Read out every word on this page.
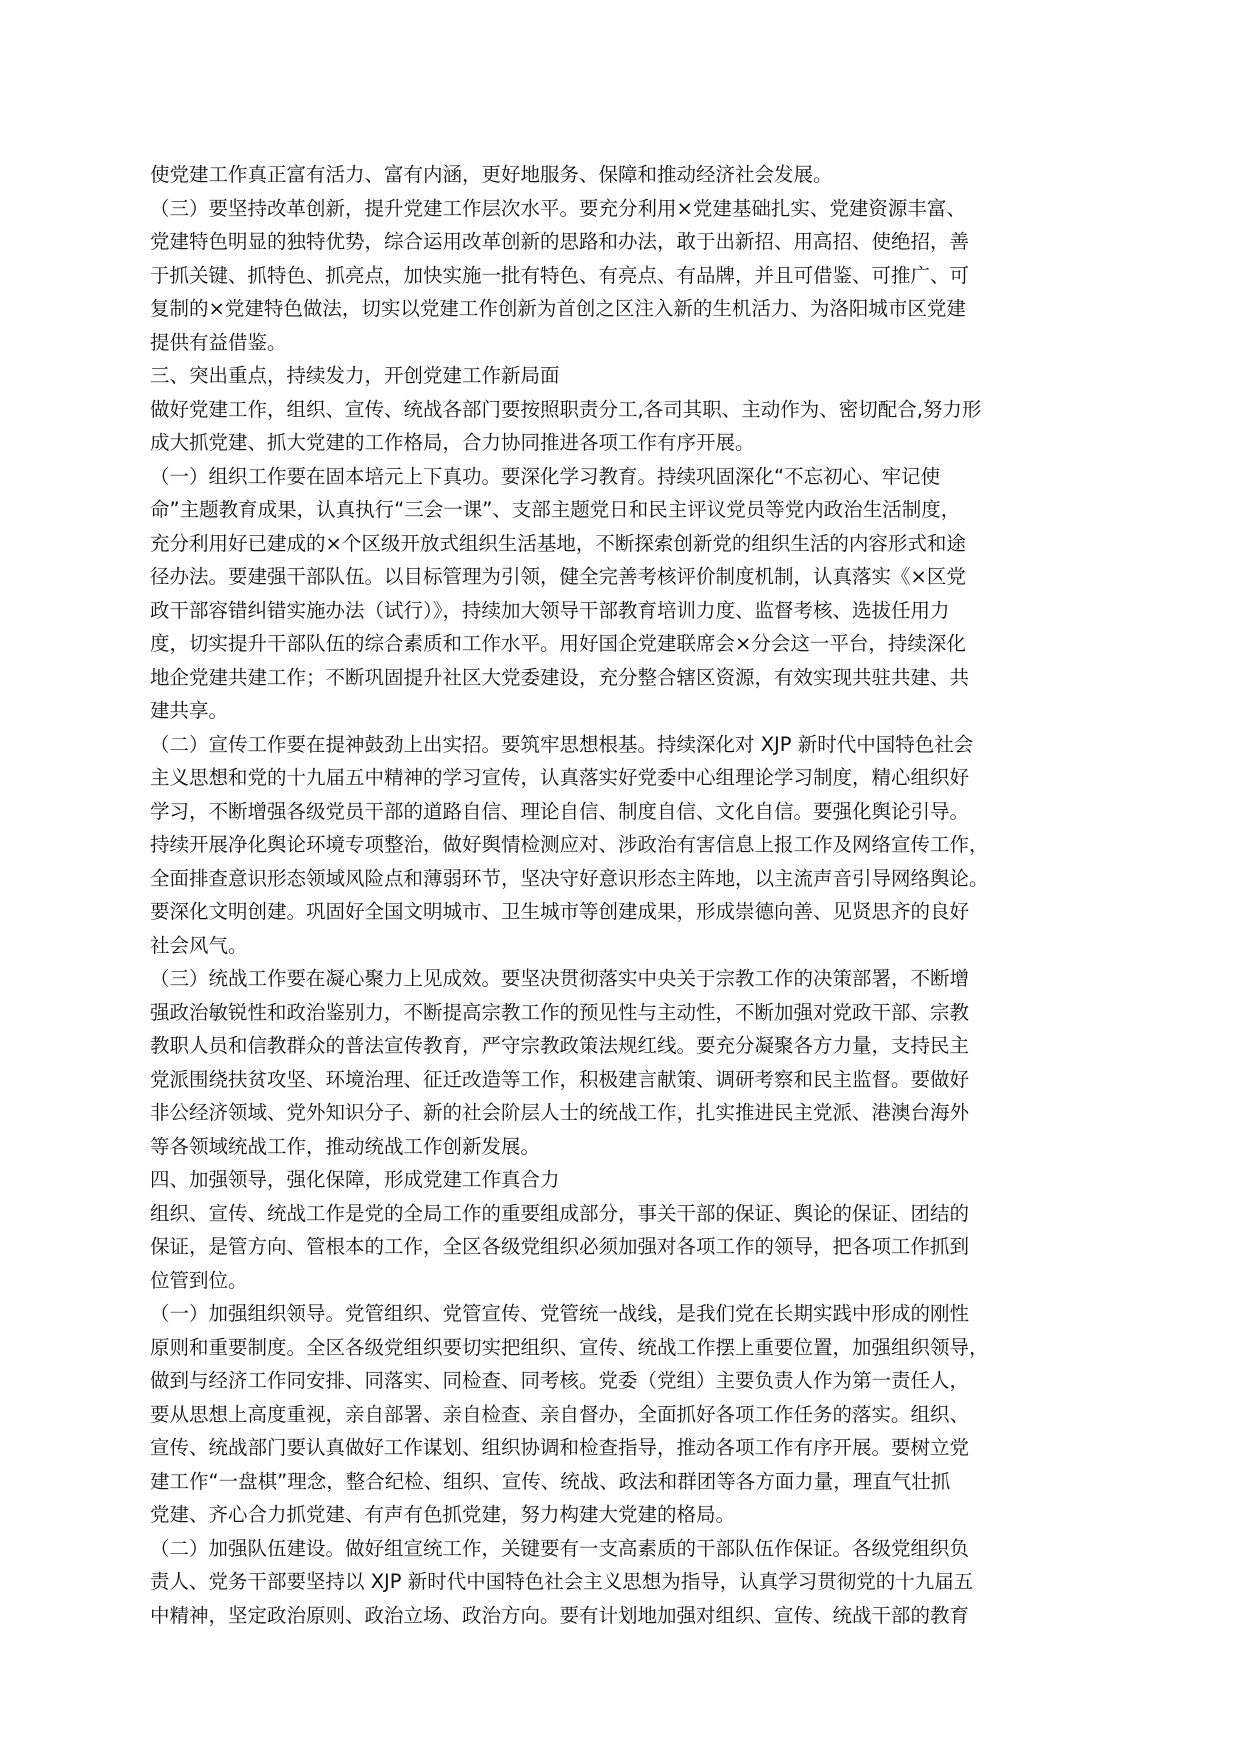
使党建工作真正富有活力、富有内涵，更好地服务、保障和推动经济社会发展。
（三）要坚持改革创新，提升党建工作层次水平。要充分利用×党建基础扎实、党建资源丰富、
党建特色明显的独特优势，综合运用改革创新的思路和办法，敢于出新招、用高招、使绝招，善
于抓关键、抓特色、抓亮点，加快实施一批有特色、有亮点、有品牌，并且可借鉴、可推广、可
复制的×党建特色做法，切实以党建工作创新为首创之区注入新的生机活力、为洛阳城市区党建
提供有益借鉴。
三、突出重点，持续发力，开创党建工作新局面
做好党建工作，组织、宣传、统战各部门要按照职责分工,各司其职、主动作为、密切配合,努力形
成大抓党建、抓大党建的工作格局，合力协同推进各项工作有序开展。
（一）组织工作要在固本培元上下真功。要深化学习教育。持续巩固深化“不忘初心、牢记使
命”主题教育成果，认真执行“三会一课”、支部主题党日和民主评议党员等党内政治生活制度，
充分利用好已建成的×个区级开放式组织生活基地，不断探索创新党的组织生活的内容形式和途
径办法。要建强干部队伍。以目标管理为引领，健全完善考核评价制度机制，认真落实《×区党
政干部容错纠错实施办法（试行）》，持续加大领导干部教育培训力度、监督考核、选拔任用力
度，切实提升干部队伍的综合素质和工作水平。用好国企党建联席会×分会这一平台，持续深化
地企党建共建工作；不断巩固提升社区大党委建设，充分整合辖区资源，有效实现共驻共建、共
建共享。
（二）宣传工作要在提神鼓劲上出实招。要筑牢思想根基。持续深化对 XJP 新时代中国特色社会
主义思想和党的十九届五中精神的学习宣传，认真落实好党委中心组理论学习制度，精心组织好
学习，不断增强各级党员干部的道路自信、理论自信、制度自信、文化自信。要强化舆论引导。
持续开展净化舆论环境专项整治，做好舆情检测应对、涉政治有害信息上报工作及网络宣传工作，
全面排查意识形态领域风险点和薄弱环节，坚决守好意识形态主阵地，以主流声音引导网络舆论。
要深化文明创建。巩固好全国文明城市、卫生城市等创建成果，形成崇德向善、见贤思齐的良好
社会风气。
（三）统战工作要在凝心聚力上见成效。要坚决贯彻落实中央关于宗教工作的决策部署，不断增
强政治敏锐性和政治鉴别力，不断提高宗教工作的预见性与主动性，不断加强对党政干部、宗教
教职人员和信教群众的普法宣传教育，严守宗教政策法规红线。要充分凝聚各方力量，支持民主
党派围绕扶贫攻坚、环境治理、征迁改造等工作，积极建言献策、调研考察和民主监督。要做好
非公经济领域、党外知识分子、新的社会阶层人士的统战工作，扎实推进民主党派、港澳台海外
等各领域统战工作，推动统战工作创新发展。
四、加强领导，强化保障，形成党建工作真合力
组织、宣传、统战工作是党的全局工作的重要组成部分，事关干部的保证、舆论的保证、团结的
保证，是管方向、管根本的工作，全区各级党组织必须加强对各项工作的领导，把各项工作抓到
位管到位。
（一）加强组织领导。党管组织、党管宣传、党管统一战线，是我们党在长期实践中形成的刚性
原则和重要制度。全区各级党组织要切实把组织、宣传、统战工作摆上重要位置，加强组织领导，
做到与经济工作同安排、同落实、同检查、同考核。党委（党组）主要负责人作为第一责任人，
要从思想上高度重视，亲自部署、亲自检查、亲自督办，全面抓好各项工作任务的落实。组织、
宣传、统战部门要认真做好工作谋划、组织协调和检查指导，推动各项工作有序开展。要树立党
建工作“一盘棋”理念，整合纪检、组织、宣传、统战、政法和群团等各方面力量，理直气壮抓
党建、齐心合力抓党建、有声有色抓党建，努力构建大党建的格局。
（二）加强队伍建设。做好组宣统工作，关键要有一支高素质的干部队伍作保证。各级党组织负
责人、党务干部要坚持以 XJP 新时代中国特色社会主义思想为指导，认真学习贯彻党的十九届五
中精神，坚定政治原则、政治立场、政治方向。要有计划地加强对组织、宣传、统战干部的教育
